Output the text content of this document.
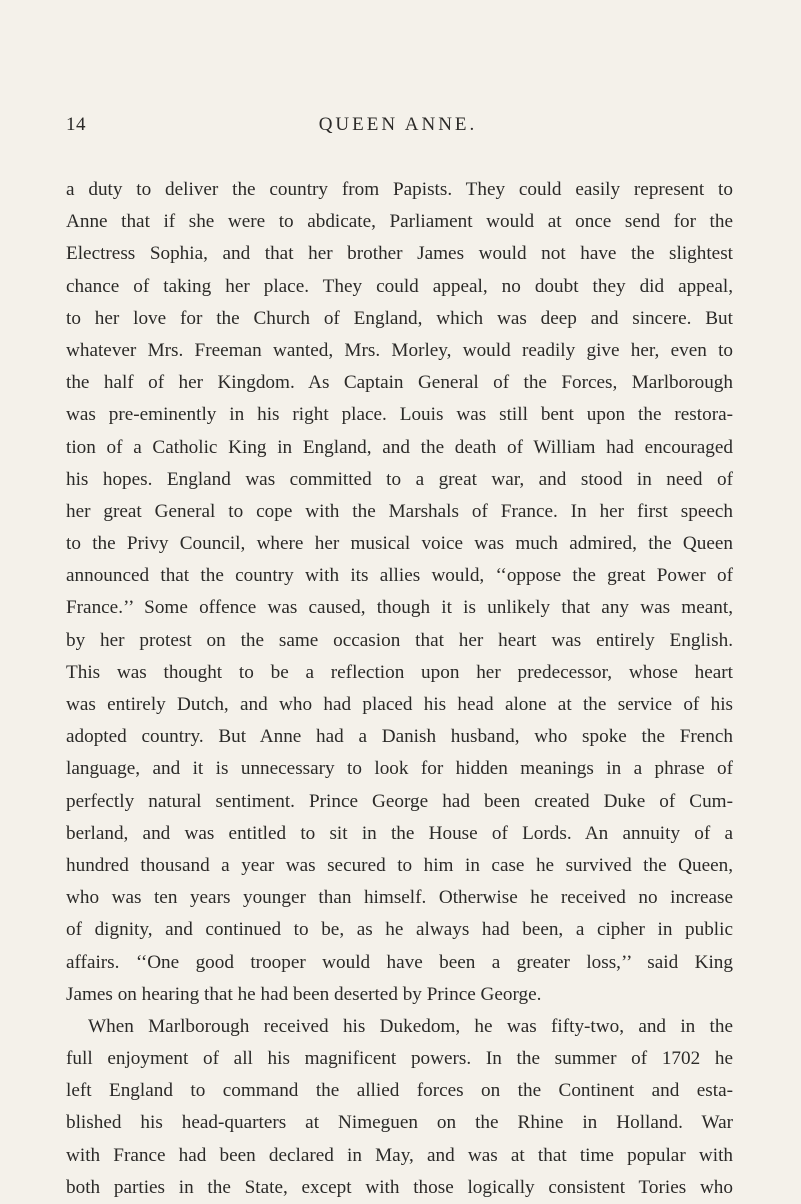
14	QUEEN ANNE.
a duty to deliver the country from Papists. They could easily represent to
Anne that if she were to abdicate, Parliament would at once send for the
Electress Sophia, and that her brother James would not have the slightest
chance of taking her place. They could appeal, no doubt they did appeal,
to her love for the Church of England, which was deep and sincere. But
whatever Mrs. Freeman wanted, Mrs. Morley, would readily give her, even to
the half of her Kingdom. As Captain General of the Forces, Marlborough
was pre-eminently in his right place. Louis was still bent upon the restora-
tion of a Catholic King in England, and the death of William had encouraged
his hopes. England was committed to a great war, and stood in need of
her great General to cope with the Marshals of France. In her first speech
to the Privy Council, where her musical voice was much admired, the Queen
announced that the country with its allies would, ‘‘oppose the great Power of
France.’’ Some offence was caused, though it is unlikely that any was meant,
by her protest on the same occasion that her heart was entirely English.
This was thought to be a reflection upon her predecessor, whose heart
was entirely Dutch, and who had placed his head alone at the service of his
adopted country. But Anne had a Danish husband, who spoke the French
language, and it is unnecessary to look for hidden meanings in a phrase of
perfectly natural sentiment. Prince George had been created Duke of Cum-
berland, and was entitled to sit in the House of Lords. An annuity of a
hundred thousand a year was secured to him in case he survived the Queen,
who was ten years younger than himself. Otherwise he received no increase
of dignity, and continued to be, as he always had been, a cipher in public
affairs. ‘‘One good trooper would have been a greater loss,’’ said King
James on hearing that he had been deserted by Prince George.
When Marlborough received his Dukedom, he was fifty-two, and in the
full enjoyment of all his magnificent powers. In the summer of 1702 he
left England to command the allied forces on the Continent and esta-
blished his head-quarters at Nimeguen on the Rhine in Holland. War
with France had been declared in May, and was at that time popular with
both parties in the State, except with those logically consistent Tories who
